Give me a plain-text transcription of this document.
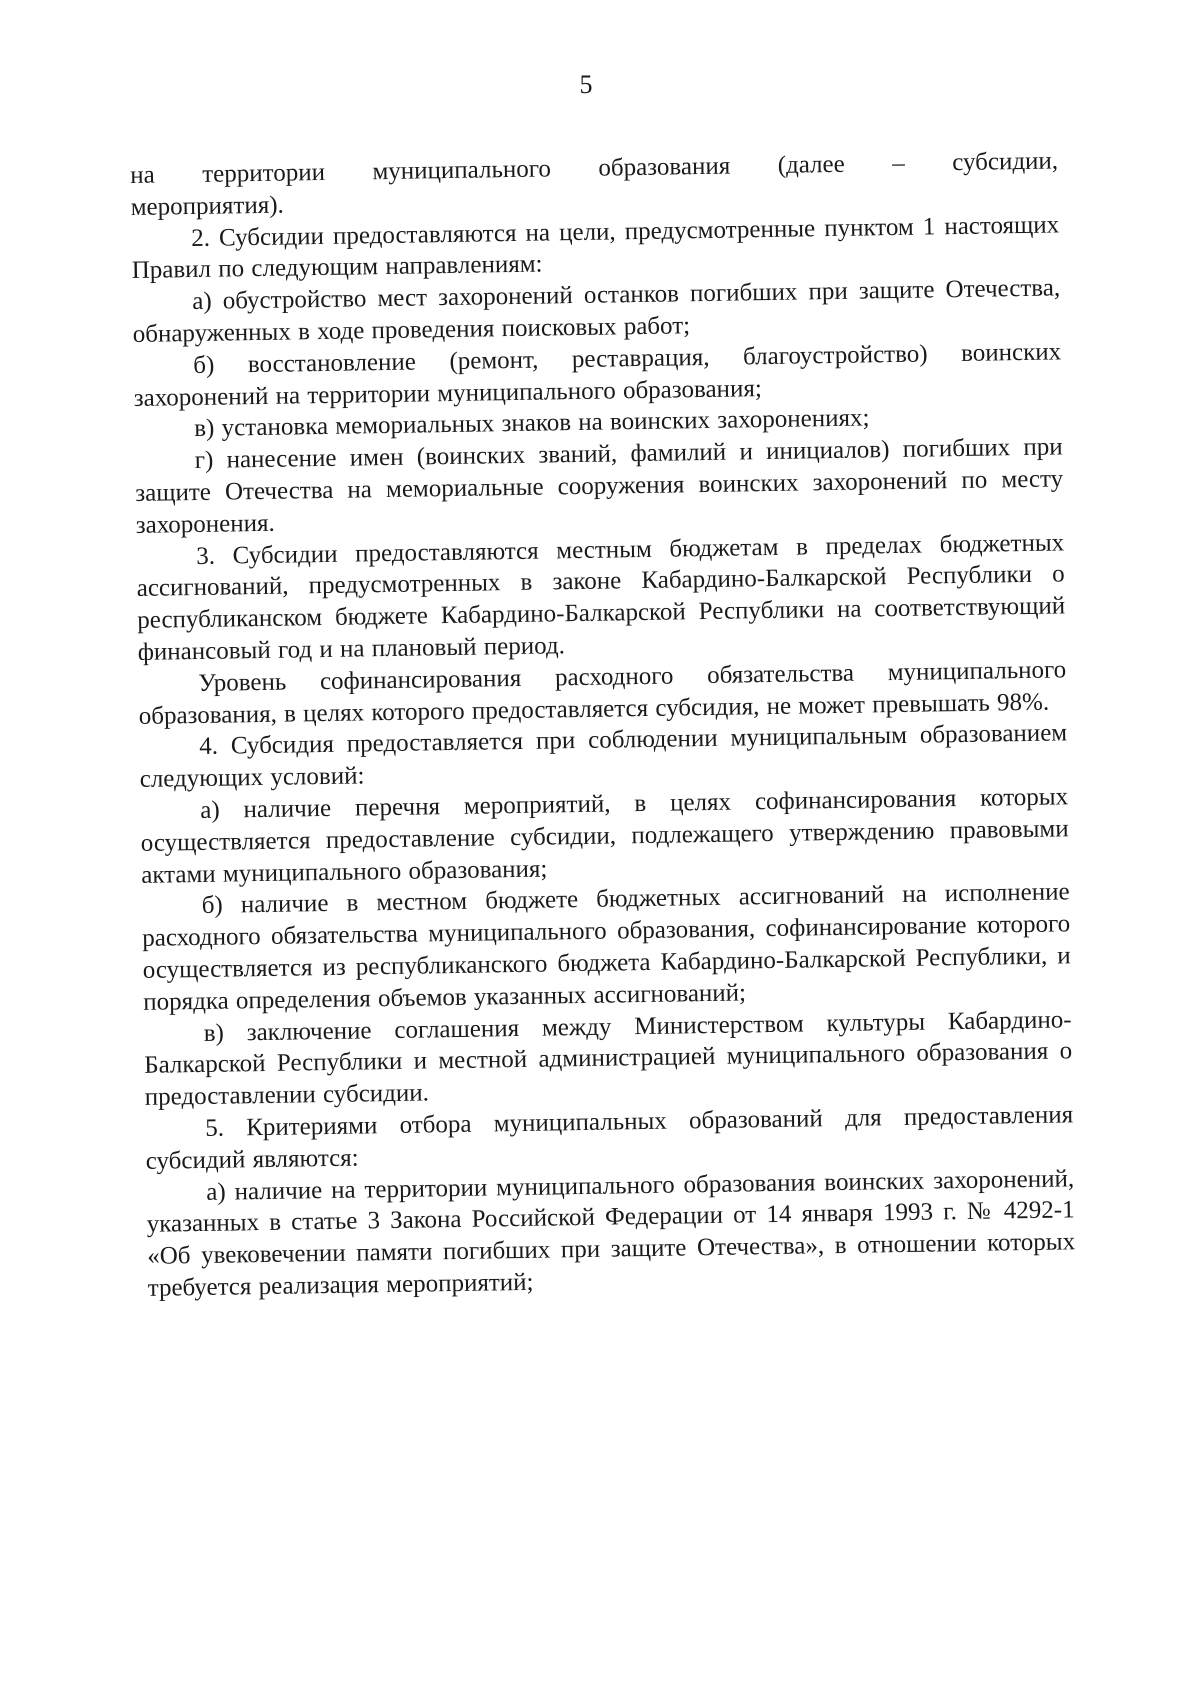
5
на территории муниципального образования (далее – субсидии,

мероприятия).

2. Субсидии предоставляются на цели, предусмотренные пунктом 1 настоящих Правил по следующим направлениям:

а) обустройство мест захоронений останков погибших при защите Отечества, обнаруженных в ходе проведения поисковых работ;

б) восстановление (ремонт, реставрация, благоустройство) воинских захоронений на территории муниципального образования;

в) установка мемориальных знаков на воинских захоронениях;

г) нанесение имен (воинских званий, фамилий и инициалов) погибших при защите Отечества на мемориальные сооружения воинских захоронений по месту захоронения.

3. Субсидии предоставляются местным бюджетам в пределах бюджетных ассигнований, предусмотренных в законе Кабардино-Балкарской Республики о республиканском бюджете Кабардино-Балкарской Республики на соответствующий финансовый год и на плановый период.

Уровень софинансирования расходного обязательства муниципального образования, в целях которого предоставляется субсидия, не может превышать 98%.

4. Субсидия предоставляется при соблюдении муниципальным образованием следующих условий:

а) наличие перечня мероприятий, в целях софинансирования которых осуществляется предоставление субсидии, подлежащего утверждению правовыми актами муниципального образования;

б) наличие в местном бюджете бюджетных ассигнований на исполнение расходного обязательства муниципального образования, софинансирование которого осуществляется из республиканского бюджета Кабардино-Балкарской Республики, и порядка определения объемов указанных ассигнований;

в) заключение соглашения между Министерством культуры Кабардино-Балкарской Республики и местной администрацией муниципального образования о предоставлении субсидии.

5. Критериями отбора муниципальных образований для предоставления субсидий являются:

а) наличие на территории муниципального образования воинских захоронений, указанных в статье 3 Закона Российской Федерации от 14 января 1993 г. № 4292-1 «Об увековечении памяти погибших при защите Отечества», в отношении которых требуется реализация мероприятий;
